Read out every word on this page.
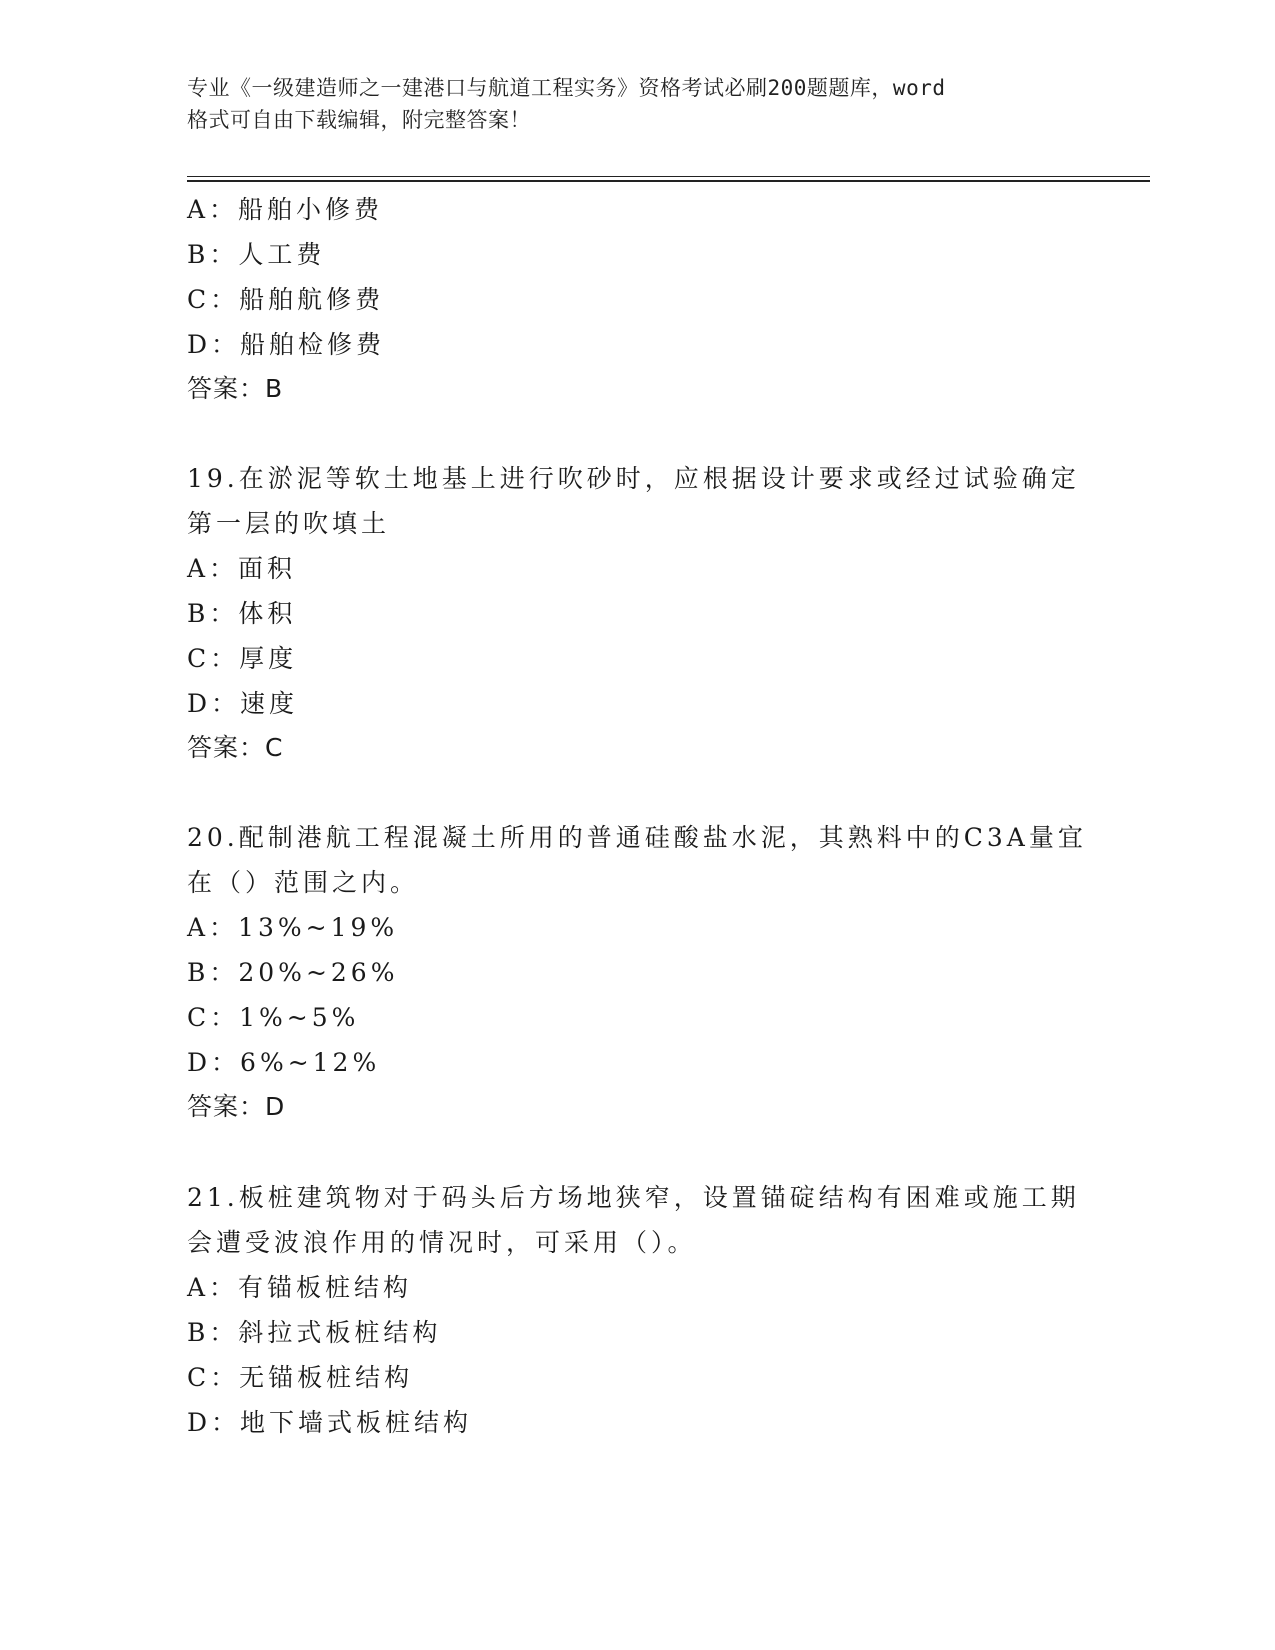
专业《一级建造师之一建港口与航道工程实务》资格考试必刷200题题库，word
格式可自由下载编辑，附完整答案！
A：船舶小修费
B：人工费
C：船舶航修费
D：船舶检修费
答案：B
19.在淤泥等软土地基上进行吹砂时，应根据设计要求或经过试验确定
第一层的吹填土
A：面积
B：体积
C：厚度
D：速度
答案：C
20.配制港航工程混凝土所用的普通硅酸盐水泥，其熟料中的C3A量宜
在（）范围之内。
A：13%~19%
B：20%~26%
C：1%~5%
D：6%~12%
答案：D
21.板桩建筑物对于码头后方场地狭窄，设置锚碇结构有困难或施工期
会遭受波浪作用的情况时，可采用（）。
A：有锚板桩结构
B：斜拉式板桩结构
C：无锚板桩结构
D：地下墙式板桩结构
